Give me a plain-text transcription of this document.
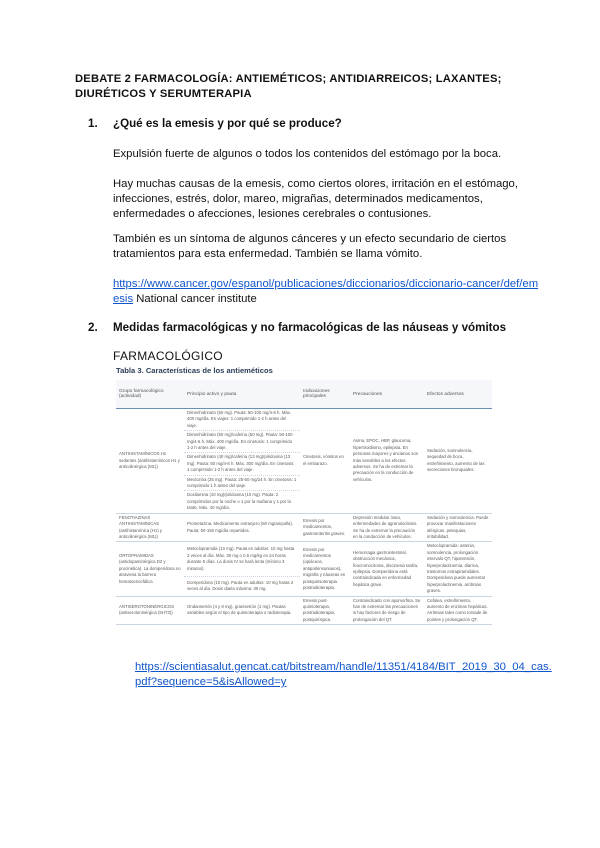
DEBATE 2 FARMACOLOGÍA: ANTIEMÉTICOS; ANTIDIARREICOS; LAXANTES; DIURÉTICOS Y SERUMTERAPIA
1. ¿Qué es la emesis y por qué se produce?
Expulsión fuerte de algunos o todos los contenidos del estómago por la boca.
Hay muchas causas de la emesis, como ciertos olores, irritación en el estómago, infecciones, estrés, dolor, mareo, migrañas, determinados medicamentos, enfermedades o afecciones, lesiones cerebrales o contusiones.
También es un síntoma de algunos cánceres y un efecto secundario de ciertos tratamientos para esta enfermedad. También se llama vómito.
https://www.cancer.gov/espanol/publicaciones/diccionarios/diccionario-cancer/def/emesis National cancer institute
2. Medidas farmacológicas y no farmacológicas de las náuseas y vómitos
FARMACOLÓGICO
Tabla 3. Características de los antieméticos
Grupo farmacológico (actividad)	Principio activo y pauta	Indicaciones principales	Precauciones	Efectos adversos
ANTIHISTAMÍNICOS H1 sedantes (antihistamínicos H1 y anticolinérgica (M1))	Dimenhidrinato (50 mg). Pauta: 50-100 mg/4-6 h. Máx. 400 mg/día. En viajes: 1 comprimido 1-2 h antes del viaje.	Cinetosis, vómitos en el embarazo.	Asma, EPOC, HBP, glaucoma, hipertiroidismo, epilepsia. En personas mayores y ancianos son más sensibles a los efectos adversos. Se ha de extremar la precaución en la conducción de vehículos.	Sedación, somnolencia, sequedad de boca, estreñimiento, aumento de las secreciones bronquiales.
	Dimenhidrinato (50 mg)/cafeína (50 mg). Pauta: 50-100 mg/4-6 h. Máx. 400 mg/día. En cinetosis: 1 comprimido 1-2 h antes del viaje.			
	Dimenhidrinato (40 mg)/cafeína (13 mg)/piridoxina (13 mg). Pauta: 50 mg/4-6 h. Máx. 300 mg/día. En cinetosis: 1 comprimido 1-2 h antes del viaje.			
	Meclozina (25 mg). Pauta: 25-50 mg/24 h. En cinetosis: 1 comprimido 1 h antes del viaje.			
	Doxilamina (10 mg)/piridoxina (10 mg). Pauta: 2 comprimidos por la noche o 1 por la mañana y 1 por la tarde. Máx. 40 mg/día.			
FENOTIAZINAS ANTIHISTAMÍNICAS (antihistamínica (H1) y anticolinérgica (M1))	Prometazina. Medicamento extranjero (50 mg/ampolla). Pauta: 50-150 mg/día repartidos.	Emesis por medicamentos, gastroenteritis graves.	Depresión medular ósea, enfermedades de agranulocitosis. Se ha de extremar la precaución en la conducción de vehículos.	Sedación y somnolencia. Puede provocar manifestaciones alérgicas, petequias, irritabilidad.
ORTOPRAMIDAS (antidopaminérgica D2 y procinética). La domperidona no atraviesa la barrera hematoencefálica	Metoclopramida (10 mg). Pauta en adultos: 10 mg hasta 3 veces al día. Máx. 30 mg o 0,5 mg/kg en 24 horas durante 5 días. La dosis IV se hará lenta (mínimo 3 minutos).	Emesis por medicamentos (opiáceos, antiparkinsonianos), migraña y náuseas en postquimioterapia postradioterapia.	Hemorragia gastrointestinal, obstrucción mecánica, feocromocitoma, discinesia tardía, epilepsia. Domperidona está contraindicada en enfermedad hepática grave.	Metoclopramida: astenia, somnolencia, prolongación intervalo QT, hipotensión, hiperprolactinemia, diarrea, trastornos extrapiramidales. Domperidona puede aumentar hiperprolactinemia, arritmias graves.
	Domperidona (10 mg). Pauta en adultos: 10 mg hasta 3 veces al día. Dosis diaria máxima: 30 mg.			
ANTISEROTONINÉRGICOS (antiserotoninérgica (5HT3))	Ondansetrón (4 y 8 mg), granisetrón (1 mg). Pautas variables según el tipo de quimioterapia o radioterapia.	Emesis post-quimioterapia, postradioterapia, postquirúrgica.	Contraindicado con apomorfina. Se han de extremar las precauciones si hay factores de riesgo de prolongación del QT.	Cefalea, estreñimiento, aumento de enzimas hepáticas. Arritmias tales como torsade de pointes y prolongación QT.
https://scientiasalut.gencat.cat/bitstream/handle/11351/4184/BIT_2019_30_04_cas.pdf?sequence=5&isAllowed=y
